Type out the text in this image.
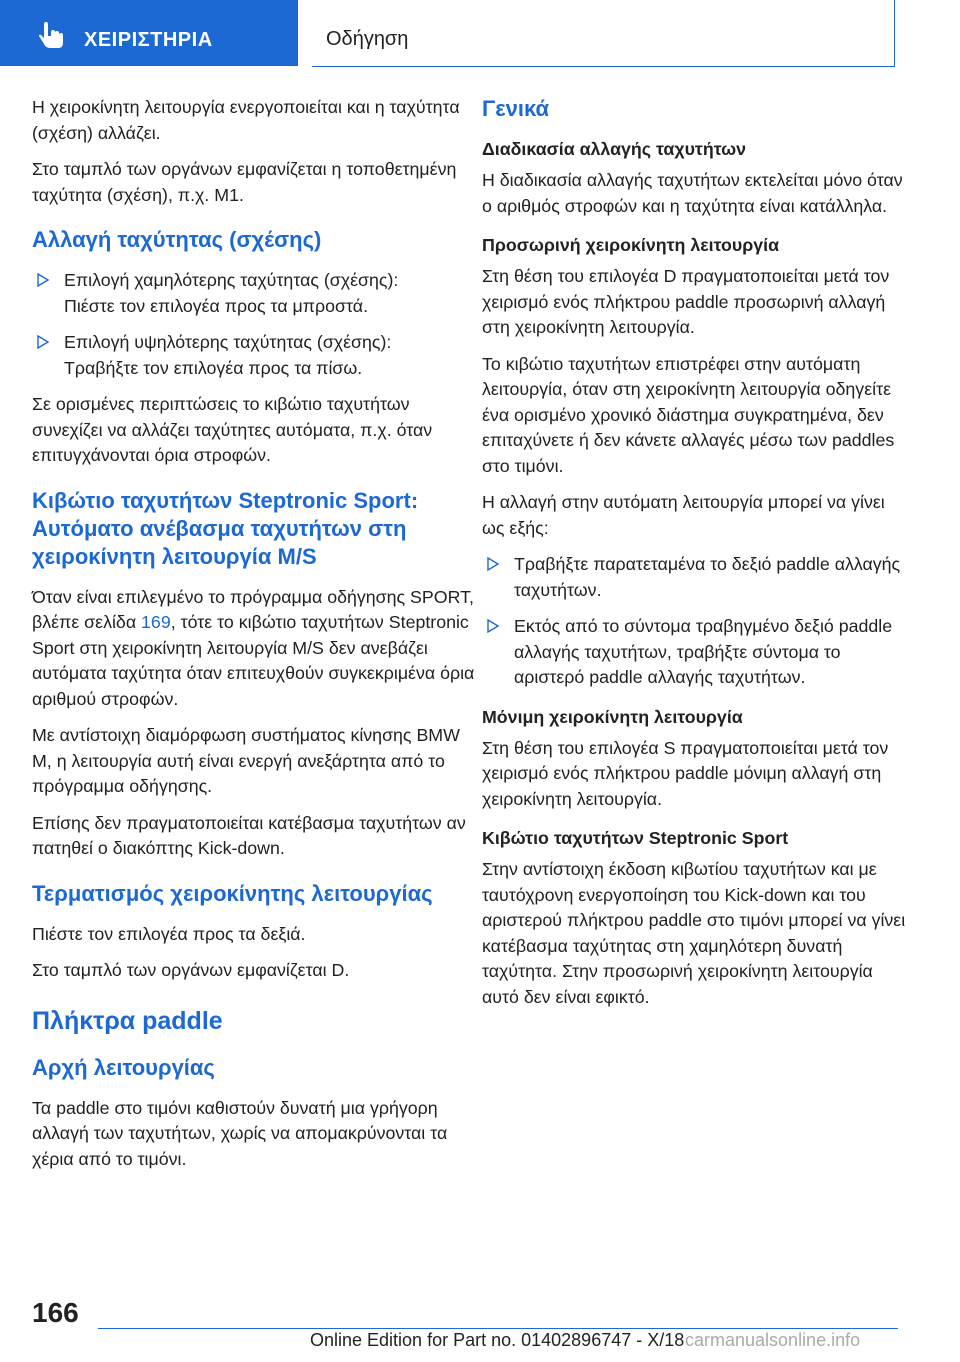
ΧΕΙΡΙΣΤΗΡΙΑ	Οδήγηση

Η χειροκίνητη λειτουργία ενεργοποιείται και η ταχύτητα (σχέση) αλλάζει.

Στο ταμπλό των οργάνων εμφανίζεται η τοποθετημένη ταχύτητα (σχέση), π.χ. M1.

Αλλαγή ταχύτητας (σχέσης)
Επιλογή χαμηλότερης ταχύτητας (σχέσης):
Πιέστε τον επιλογέα προς τα μπροστά.
Επιλογή υψηλότερης ταχύτητας (σχέσης):
Τραβήξτε τον επιλογέα προς τα πίσω.

Σε ορισμένες περιπτώσεις το κιβώτιο ταχυτήτων συνεχίζει να αλλάζει ταχύτητες αυτόματα, π.χ. όταν επιτυγχάνονται όρια στροφών.

Κιβώτιο ταχυτήτων Steptronic Sport: Αυτόματο ανέβασμα ταχυτήτων στη χειροκίνητη λειτουργία M/S

Όταν είναι επιλεγμένο το πρόγραμμα οδήγησης SPORT, βλέπε σελίδα 169, τότε το κιβώτιο ταχυτήτων Steptronic Sport στη χειροκίνητη λειτουργία M/S δεν ανεβάζει αυτόματα ταχύτητα όταν επιτευχθούν συγκεκριμένα όρια αριθμού στροφών.

Με αντίστοιχη διαμόρφωση συστήματος κίνησης BMW M, η λειτουργία αυτή είναι ενεργή ανεξάρτητα από το πρόγραμμα οδήγησης.

Επίσης δεν πραγματοποιείται κατέβασμα ταχυτήτων αν πατηθεί ο διακόπτης Kick-down.

Τερματισμός χειροκίνητης λειτουργίας

Πιέστε τον επιλογέα προς τα δεξιά.

Στο ταμπλό των οργάνων εμφανίζεται D.

Πλήκτρα paddle
Αρχή λειτουργίας

Τα paddle στο τιμόνι καθιστούν δυνατή μια γρήγορη αλλαγή των ταχυτήτων, χωρίς να απομακρύνονται τα χέρια από το τιμόνι.

Γενικά
Διαδικασία αλλαγής ταχυτήτων

Η διαδικασία αλλαγής ταχυτήτων εκτελείται μόνο όταν ο αριθμός στροφών και η ταχύτητα είναι κατάλληλα.

Προσωρινή χειροκίνητη λειτουργία

Στη θέση του επιλογέα D πραγματοποιείται μετά τον χειρισμό ενός πλήκτρου paddle προσωρινή αλλαγή στη χειροκίνητη λειτουργία.

Το κιβώτιο ταχυτήτων επιστρέφει στην αυτόματη λειτουργία, όταν στη χειροκίνητη λειτουργία οδηγείτε ένα ορισμένο χρονικό διάστημα συγκρατημένα, δεν επιταχύνετε ή δεν κάνετε αλλαγές μέσω των paddles στο τιμόνι.

Η αλλαγή στην αυτόματη λειτουργία μπορεί να γίνει ως εξής:

Τραβήξτε παρατεταμένα το δεξιό paddle αλλαγής ταχυτήτων.
Εκτός από το σύντομα τραβηγμένο δεξιό paddle αλλαγής ταχυτήτων, τραβήξτε σύντομα το αριστερό paddle αλλαγής ταχυτήτων.
Μόνιμη χειροκίνητη λειτουργία

Στη θέση του επιλογέα S πραγματοποιείται μετά τον χειρισμό ενός πλήκτρου paddle μόνιμη αλλαγή στη χειροκίνητη λειτουργία.

Κιβώτιο ταχυτήτων Steptronic Sport

Στην αντίστοιχη έκδοση κιβωτίου ταχυτήτων και με ταυτόχρονη ενεργοποίηση του Kick-down και του αριστερού πλήκτρου paddle στο τιμόνι μπορεί να γίνει κατέβασμα ταχύτητας στη χαμηλότερη δυνατή ταχύτητα. Στην προσωρινή χειροκίνητη λειτουργία αυτό δεν είναι εφικτό.

166
Online Edition for Part no. 01402896747 - X/18 carmanualsonline.info
